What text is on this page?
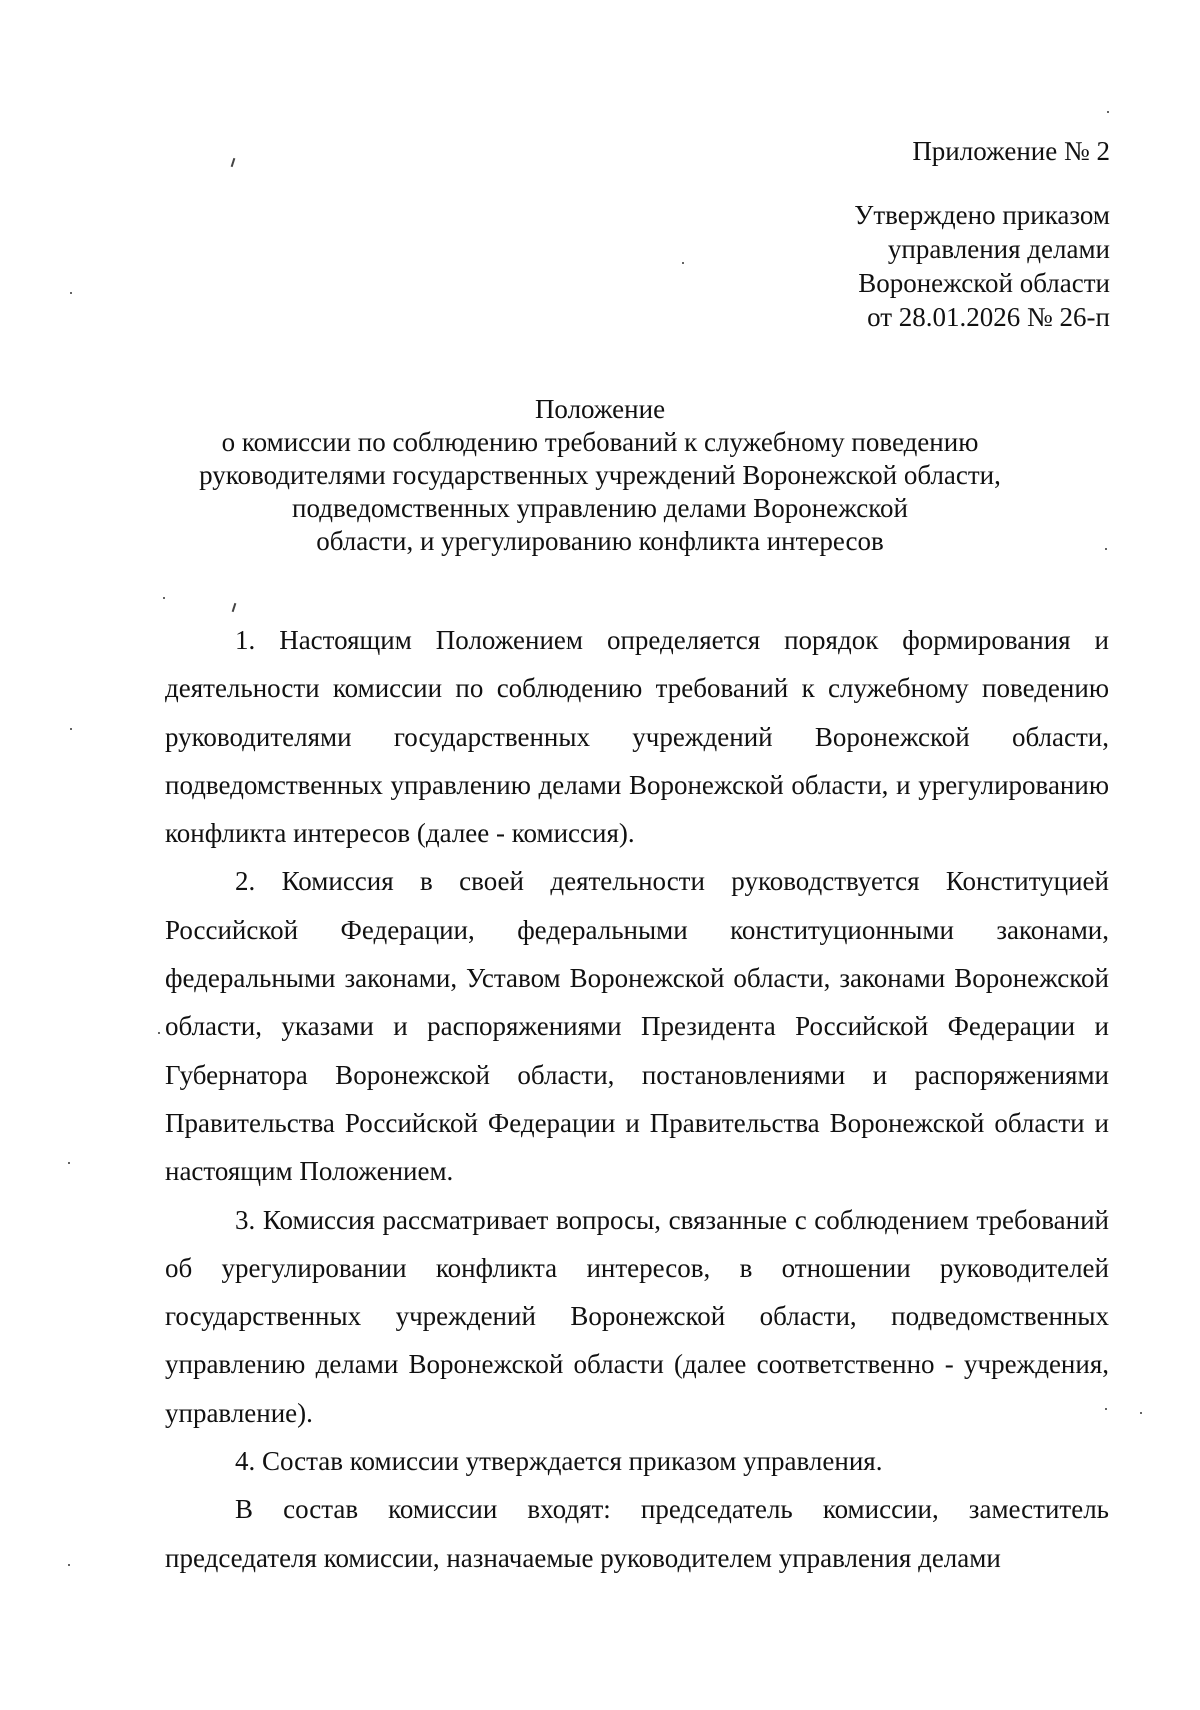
Приложение № 2
Утверждено приказом
управления делами
Воронежской области
от 28.01.2026 № 26-п
Положение
о комиссии по соблюдению требований к служебному поведению
руководителями государственных учреждений Воронежской области,
подведомственных управлению делами Воронежской
области, и урегулированию конфликта интересов

1. Настоящим Положением определяется порядок формирования и деятельности комиссии по соблюдению требований к служебному поведению руководителями государственных учреждений Воронежской области, подведомственных управлению делами Воронежской области, и урегулированию конфликта интересов (далее - комиссия).

2. Комиссия в своей деятельности руководствуется Конституцией Российской Федерации, федеральными конституционными законами, федеральными законами, Уставом Воронежской области, законами Воронежской области, указами и распоряжениями Президента Российской Федерации и Губернатора Воронежской области, постановлениями и распоряжениями Правительства Российской Федерации и Правительства Воронежской области и настоящим Положением.

3. Комиссия рассматривает вопросы, связанные с соблюдением требований об урегулировании конфликта интересов, в отношении руководителей государственных учреждений Воронежской области, подведомственных управлению делами Воронежской области (далее соответственно - учреждения, управление).

4. Состав комиссии утверждается приказом управления.

В состав комиссии входят: председатель комиссии, заместитель председателя комиссии, назначаемые руководителем управления делами
